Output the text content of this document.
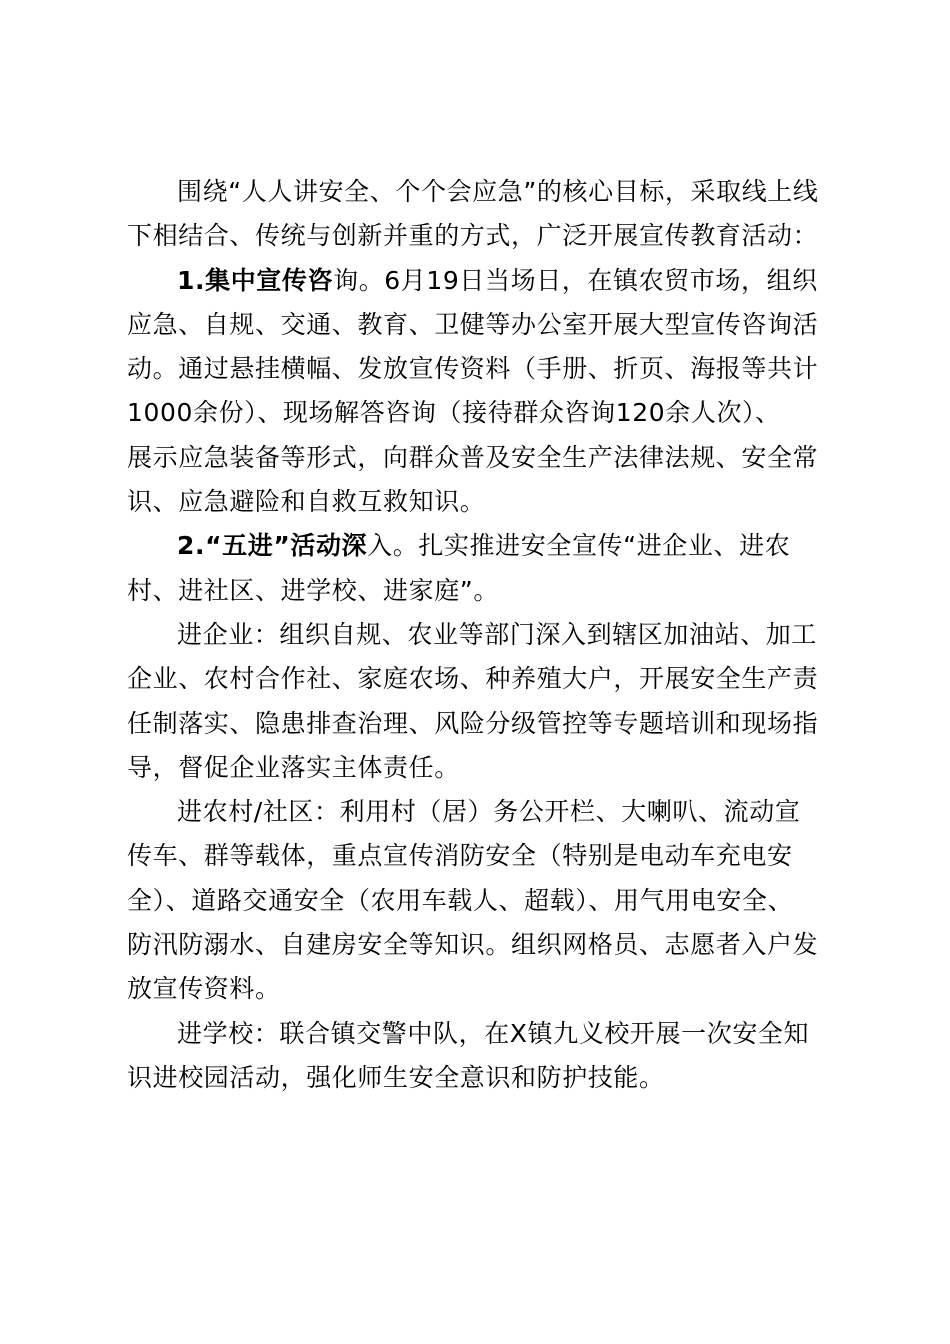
围绕“人人讲安全、个个会应急”的核心目标，采取线上线
下相结合、传统与创新并重的方式，广泛开展宣传教育活动：
1.集中宣传咨询。6月19日当场日，在镇农贸市场，组织
应急、自规、交通、教育、卫健等办公室开展大型宣传咨询活
动。通过悬挂横幅、发放宣传资料（手册、折页、海报等共计
1000余份）、现场解答咨询（接待群众咨询120余人次）、
展示应急装备等形式，向群众普及安全生产法律法规、安全常
识、应急避险和自救互救知识。
2.“五进”活动深入。扎实推进安全宣传“进企业、进农
村、进社区、进学校、进家庭”。
进企业：组织自规、农业等部门深入到辖区加油站、加工
企业、农村合作社、家庭农场、种养殖大户，开展安全生产责
任制落实、隐患排查治理、风险分级管控等专题培训和现场指
导，督促企业落实主体责任。
进农村/社区：利用村（居）务公开栏、大喇叭、流动宣
传车、群等载体，重点宣传消防安全（特别是电动车充电安
全）、道路交通安全（农用车载人、超载）、用气用电安全、
防汛防溺水、自建房安全等知识。组织网格员、志愿者入户发
放宣传资料。
进学校：联合镇交警中队，在X镇九义校开展一次安全知
识进校园活动，强化师生安全意识和防护技能。
